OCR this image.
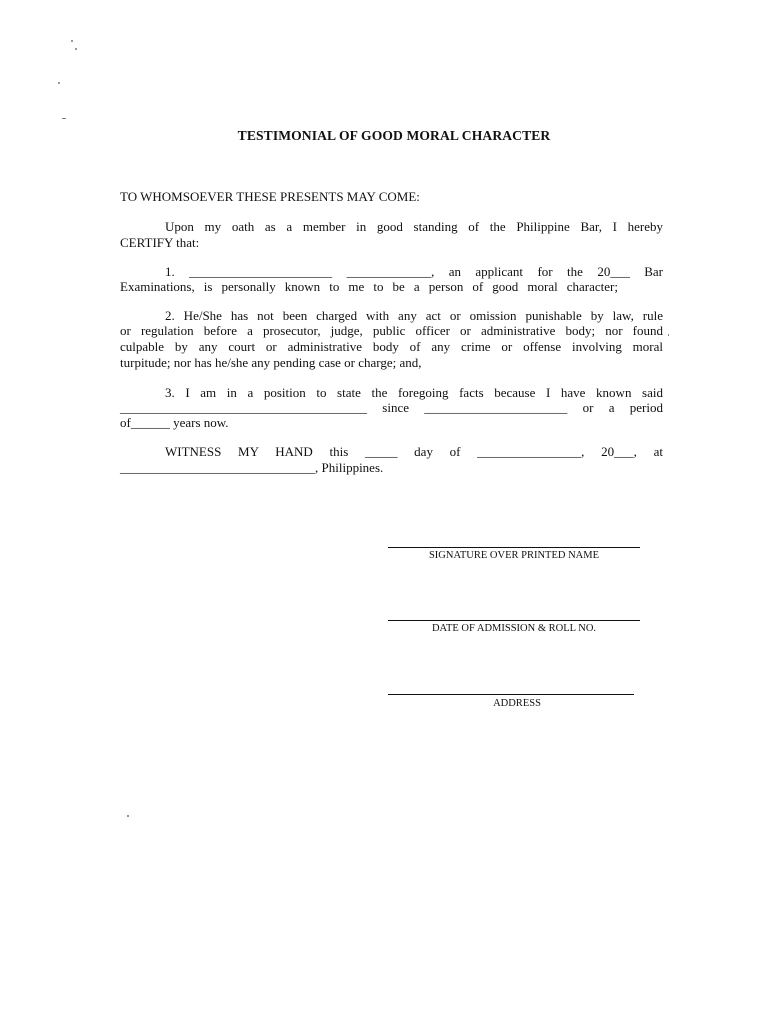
TESTIMONIAL OF GOOD MORAL CHARACTER
TO WHOMSOEVER THESE PRESENTS MAY COME:
Upon my oath as a member in good standing of the Philippine Bar, I hereby
CERTIFY that:
1. ______________________ _____________, an applicant for the 20___ Bar
Examinations, is personally known to me to be a person of good moral character;
2. He/She has not been charged with any act or omission punishable by law, rule
or regulation before a prosecutor, judge, public officer or administrative body; nor found
culpable by any court or administrative body of any crime or offense involving moral
turpitude; nor has he/she any pending case or charge; and,
3. I am in a position to state the foregoing facts because I have known said
______________________________________ since ______________________ or a period
of______ years now.
WITNESS MY HAND this _____ day of ________________, 20___, at
______________________________, Philippines.
SIGNATURE OVER PRINTED NAME
DATE OF ADMISSION & ROLL NO.
ADDRESS
